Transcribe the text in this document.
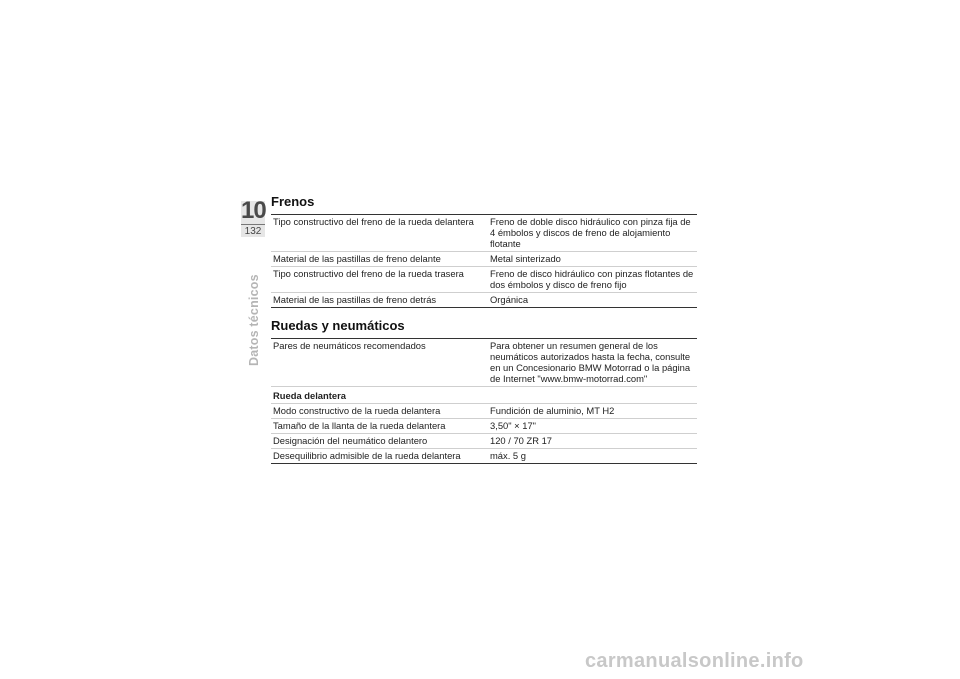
10
132
Datos técnicos
Frenos
Tipo constructivo del freno de la rueda delantera	Freno de doble disco hidráulico con pinza fija de 4 émbolos y discos de freno de alojamiento flotante
Material de las pastillas de freno delante	Metal sinterizado
Tipo constructivo del freno de la rueda trasera	Freno de disco hidráulico con pinzas flotantes de dos émbolos y disco de freno fijo
Material de las pastillas de freno detrás	Orgánica
Ruedas y neumáticos
Pares de neumáticos recomendados	Para obtener un resumen general de los neumáticos autorizados hasta la fecha, consulte en un Concesionario BMW Motorrad o la página de Internet "www.bmw-motorrad.com"
Rueda delantera	
Modo constructivo de la rueda delantera	Fundición de aluminio, MT H2
Tamaño de la llanta de la rueda delantera	3,50" × 17"
Designación del neumático delantero	120 / 70 ZR 17
Desequilibrio admisible de la rueda delantera	máx. 5 g
carmanualsonline.info
